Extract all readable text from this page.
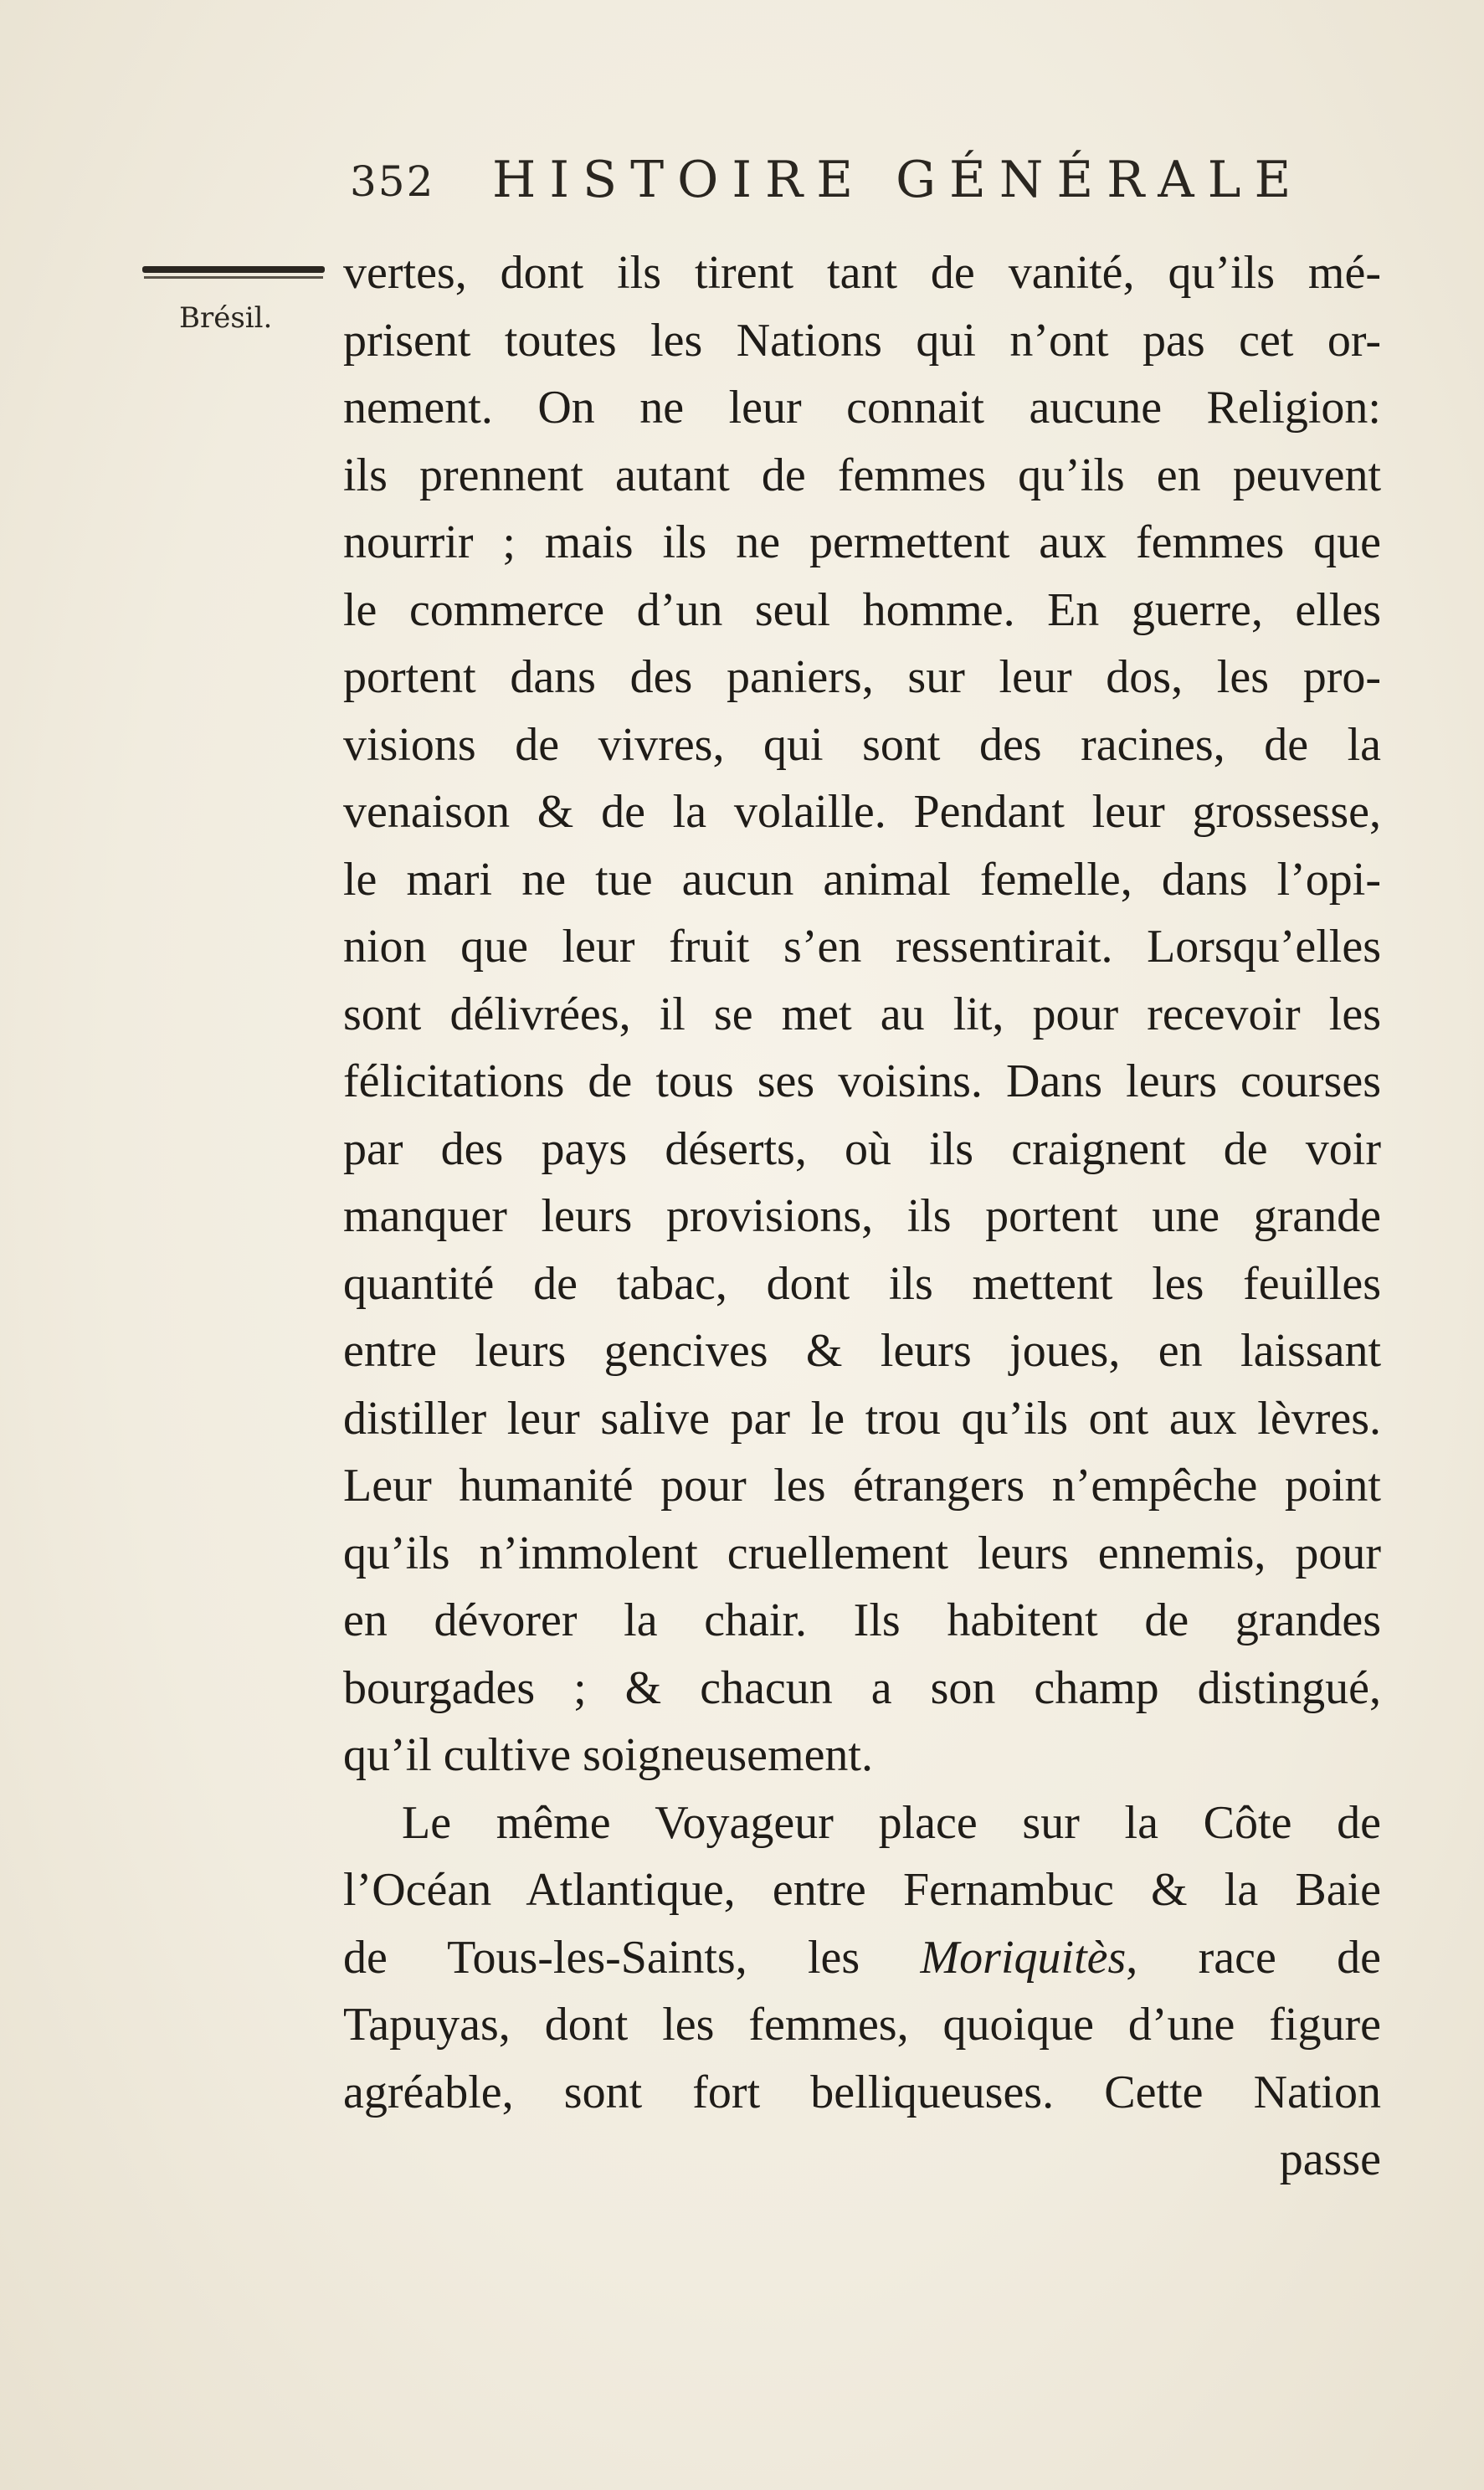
352 HISTOIRE GÉNÉRALE
Brésil.
vertes, dont ils tirent tant de vanité, qu’ils mé-
prisent toutes les Nations qui n’ont pas cet or-
nement. On ne leur connait aucune Religion:
ils prennent autant de femmes qu’ils en peuvent
nourrir ; mais ils ne permettent aux femmes que
le commerce d’un seul homme. En guerre, elles
portent dans des paniers, sur leur dos, les pro-
visions de vivres, qui sont des racines, de la
venaison & de la volaille. Pendant leur grossesse,
le mari ne tue aucun animal femelle, dans l’opi-
nion que leur fruit s’en ressentirait. Lorsqu’elles
sont délivrées, il se met au lit, pour recevoir les
félicitations de tous ses voisins. Dans leurs courses
par des pays déserts, où ils craignent de voir
manquer leurs provisions, ils portent une grande
quantité de tabac, dont ils mettent les feuilles
entre leurs gencives & leurs joues, en laissant
distiller leur salive par le trou qu’ils ont aux lèvres.
Leur humanité pour les étrangers n’empêche point
qu’ils n’immolent cruellement leurs ennemis, pour
en dévorer la chair. Ils habitent de grandes
bourgades ; & chacun a son champ distingué,
qu’il cultive soigneusement.
Le même Voyageur place sur la Côte de
l’Océan Atlantique, entre Fernambuc & la Baie
de Tous-les-Saints, les Moriquitès, race de
Tapuyas, dont les femmes, quoique d’une figure
agréable, sont fort belliqueuses. Cette Nation
passe
